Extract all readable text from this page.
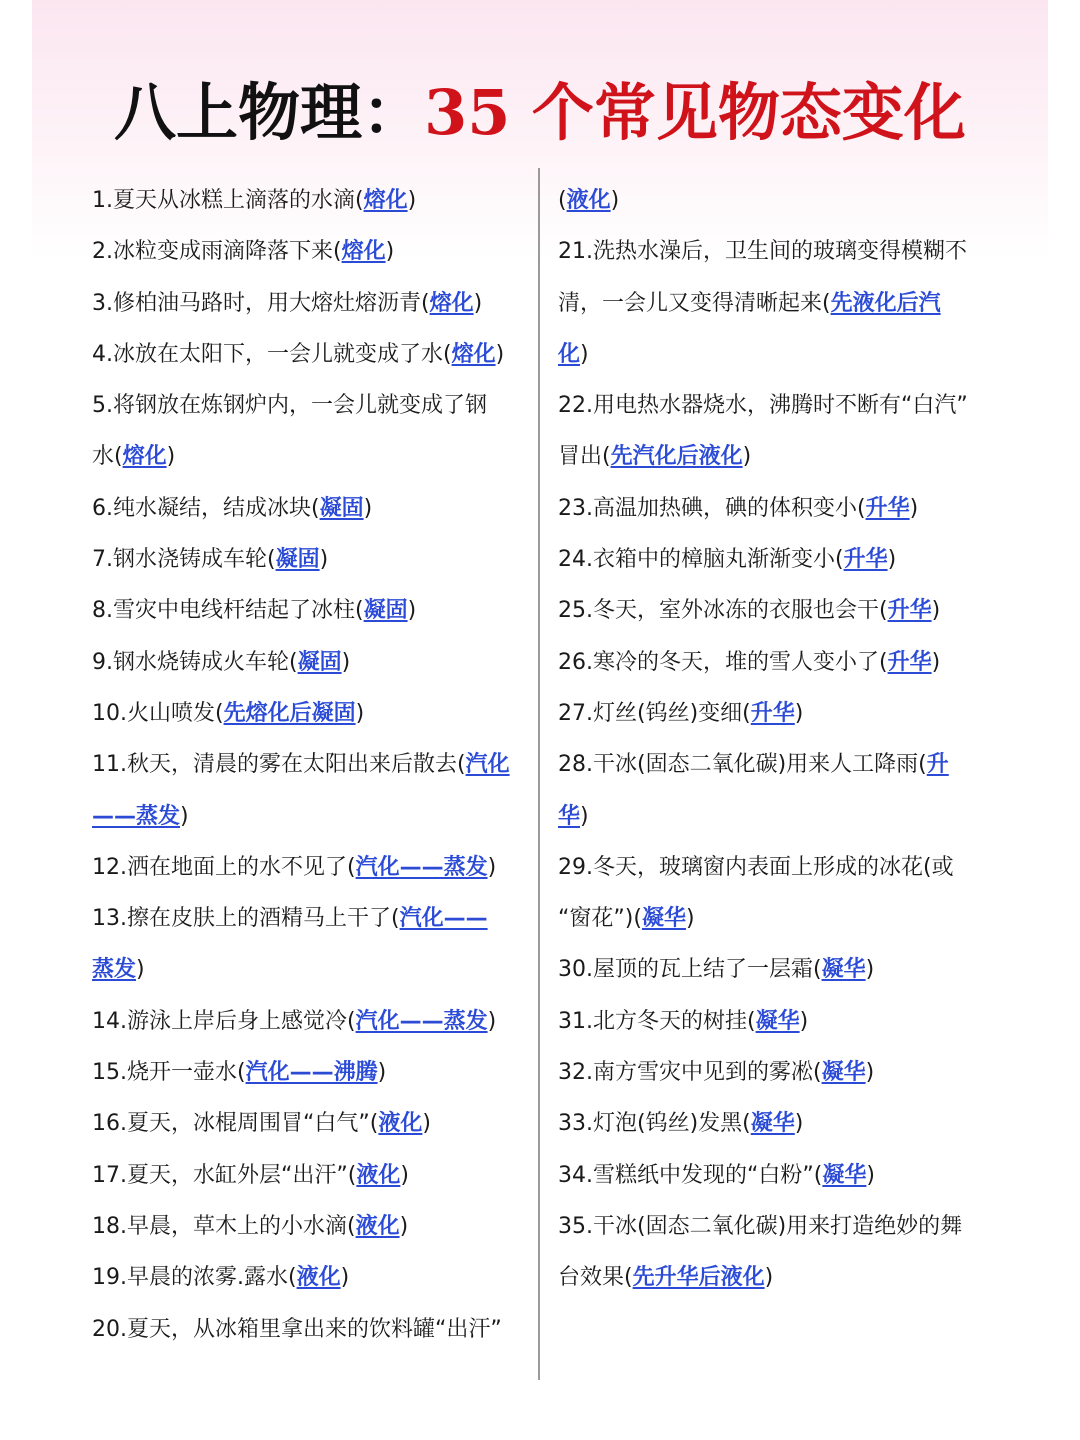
八上物理：35 个常见物态变化
1.夏天从冰糕上滴落的水滴(熔化)
2.冰粒变成雨滴降落下来(熔化)
3.修柏油马路时，用大熔灶熔沥青(熔化)
4.冰放在太阳下，一会儿就变成了水(熔化)
5.将钢放在炼钢炉内，一会儿就变成了钢
水(熔化)
6.纯水凝结，结成冰块(凝固)
7.钢水浇铸成车轮(凝固)
8.雪灾中电线杆结起了冰柱(凝固)
9.钢水烧铸成火车轮(凝固)
10.火山喷发(先熔化后凝固)
11.秋天，清晨的雾在太阳出来后散去(汽化
——蒸发)
12.洒在地面上的水不见了(汽化——蒸发)
13.擦在皮肤上的酒精马上干了(汽化——
蒸发)
14.游泳上岸后身上感觉冷(汽化——蒸发)
15.烧开一壶水(汽化——沸腾)
16.夏天，冰棍周围冒“白气”(液化)
17.夏天，水缸外层“出汗”(液化)
18.早晨，草木上的小水滴(液化)
19.早晨的浓雾.露水(液化)
20.夏天，从冰箱里拿出来的饮料罐“出汗”
(液化)
21.洗热水澡后，卫生间的玻璃变得模糊不
清，一会儿又变得清晰起来(先液化后汽
化)
22.用电热水器烧水，沸腾时不断有“白汽”
冒出(先汽化后液化)
23.高温加热碘，碘的体积变小(升华)
24.衣箱中的樟脑丸渐渐变小(升华)
25.冬天，室外冰冻的衣服也会干(升华)
26.寒冷的冬天，堆的雪人变小了(升华)
27.灯丝(钨丝)变细(升华)
28.干冰(固态二氧化碳)用来人工降雨(升
华)
29.冬天，玻璃窗内表面上形成的冰花(或
“窗花”)(凝华)
30.屋顶的瓦上结了一层霜(凝华)
31.北方冬天的树挂(凝华)
32.南方雪灾中见到的雾凇(凝华)
33.灯泡(钨丝)发黑(凝华)
34.雪糕纸中发现的“白粉”(凝华)
35.干冰(固态二氧化碳)用来打造绝妙的舞
台效果(先升华后液化)
